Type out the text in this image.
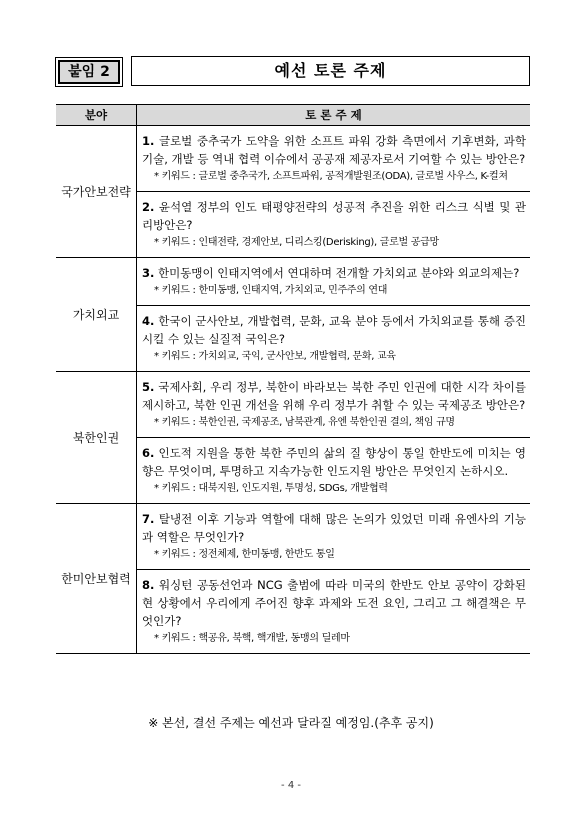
붙임 2	예선 토론 주제
분야	토 론 주 제
국가안보전략	1. 글로벌 중추국가 도약을 위한 소프트 파워 강화 측면에서 기후변화, 과학기술, 개발 등 역내 협력 이슈에서 공공재 제공자로서 기여할 수 있는 방안은?
* 키워드 : 글로벌 중추국가, 소프트파워, 공적개발원조(ODA), 글로벌 사우스, K-컬쳐

	2. 윤석열 정부의 인도 태평양전략의 성공적 추진을 위한 리스크 식별 및 관리방안은?
* 키워드 : 인태전략, 경제안보, 디리스킹(Derisking), 글로벌 공급망

가치외교	3. 한미동맹이 인태지역에서 연대하며 전개할 가치외교 분야와 외교의제는?
* 키워드 : 한미동맹, 인태지역, 가치외교, 민주주의 연대

	4. 한국이 군사안보, 개발협력, 문화, 교육 분야 등에서 가치외교를 통해 증진시킬 수 있는 실질적 국익은?
* 키워드 : 가치외교, 국익, 군사안보, 개발협력, 문화, 교육

북한인권	5. 국제사회, 우리 정부, 북한이 바라보는 북한 주민 인권에 대한 시각 차이를 제시하고, 북한 인권 개선을 위해 우리 정부가 취할 수 있는 국제공조 방안은?
* 키워드 : 북한인권, 국제공조, 남북관계, 유엔 북한인권 결의, 책임 규명

	6. 인도적 지원을 통한 북한 주민의 삶의 질 향상이 통일 한반도에 미치는 영향은 무엇이며, 투명하고 지속가능한 인도지원 방안은 무엇인지 논하시오.
* 키워드 : 대북지원, 인도지원, 투명성, SDGs, 개발협력

한미안보협력	7. 탈냉전 이후 기능과 역할에 대해 많은 논의가 있었던 미래 유엔사의 기능과 역할은 무엇인가?
* 키워드 : 정전체제, 한미동맹, 한반도 통일

	8. 워싱턴 공동선언과 NCG 출범에 따라 미국의 한반도 안보 공약이 강화된 현 상황에서 우리에게 주어진 향후 과제와 도전 요인, 그리고 그 해결책은 무엇인가?
* 키워드 : 핵공유, 북핵, 핵개발, 동맹의 딜레마
※ 본선, 결선 주제는 예선과 달라질 예정임.(추후 공지)
- 4 -
